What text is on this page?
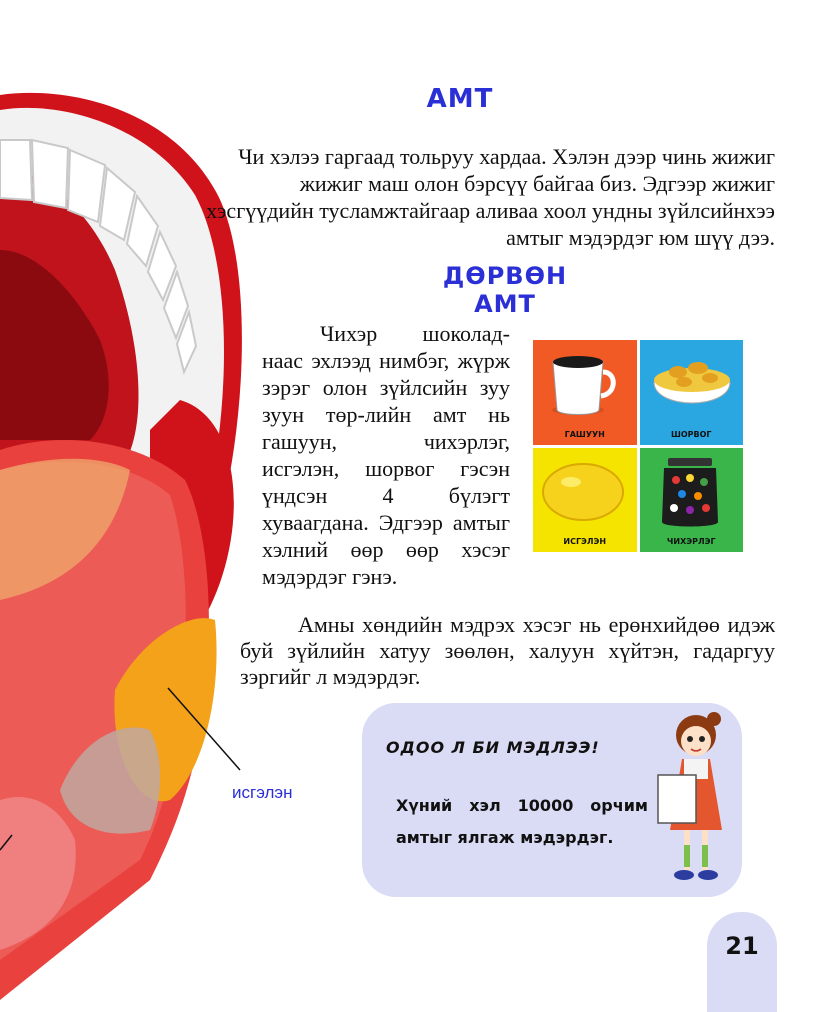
АМТ
Чи хэлээ гаргаад тольруу хардаа. Хэлэн дээр чинь жижиг жижиг маш олон бэрсүү байгаа биз. Эдгээр жижиг хэсгүүдийн тусламжтайгаар аливаа хоол ундны зүйлсийнхээ амтыг мэдэрдэг юм шүү дээ.
ДӨРВӨН АМТ
Чихэр шоколад-наас эхлээд нимбэг, жүрж зэрэг олон зүйлсийн зуу зуун төр-лийн амт нь гашуун, чихэрлэг, исгэлэн, шорвог гэсэн үндсэн 4 бүлэгт хуваагдана. Эдгээр амтыг хэлний өөр өөр хэсэг мэдэрдэг гэнэ.
Амны хөндийн мэдрэх хэсэг нь ерөнхийдөө идэж буй зүйлийн хатуу зөөлөн, халуун хүйтэн, гадаргуу зэргийг л мэдэрдэг.
ГАШУУН	ШОРВОГ
ИСГЭЛЭН	ЧИХЭРЛЭГ
исгэлэн
ОДОО Л БИ МЭДЛЭЭ!
Хүний хэл 10000 орчим амтыг ялгаж мэдэрдэг.
21
